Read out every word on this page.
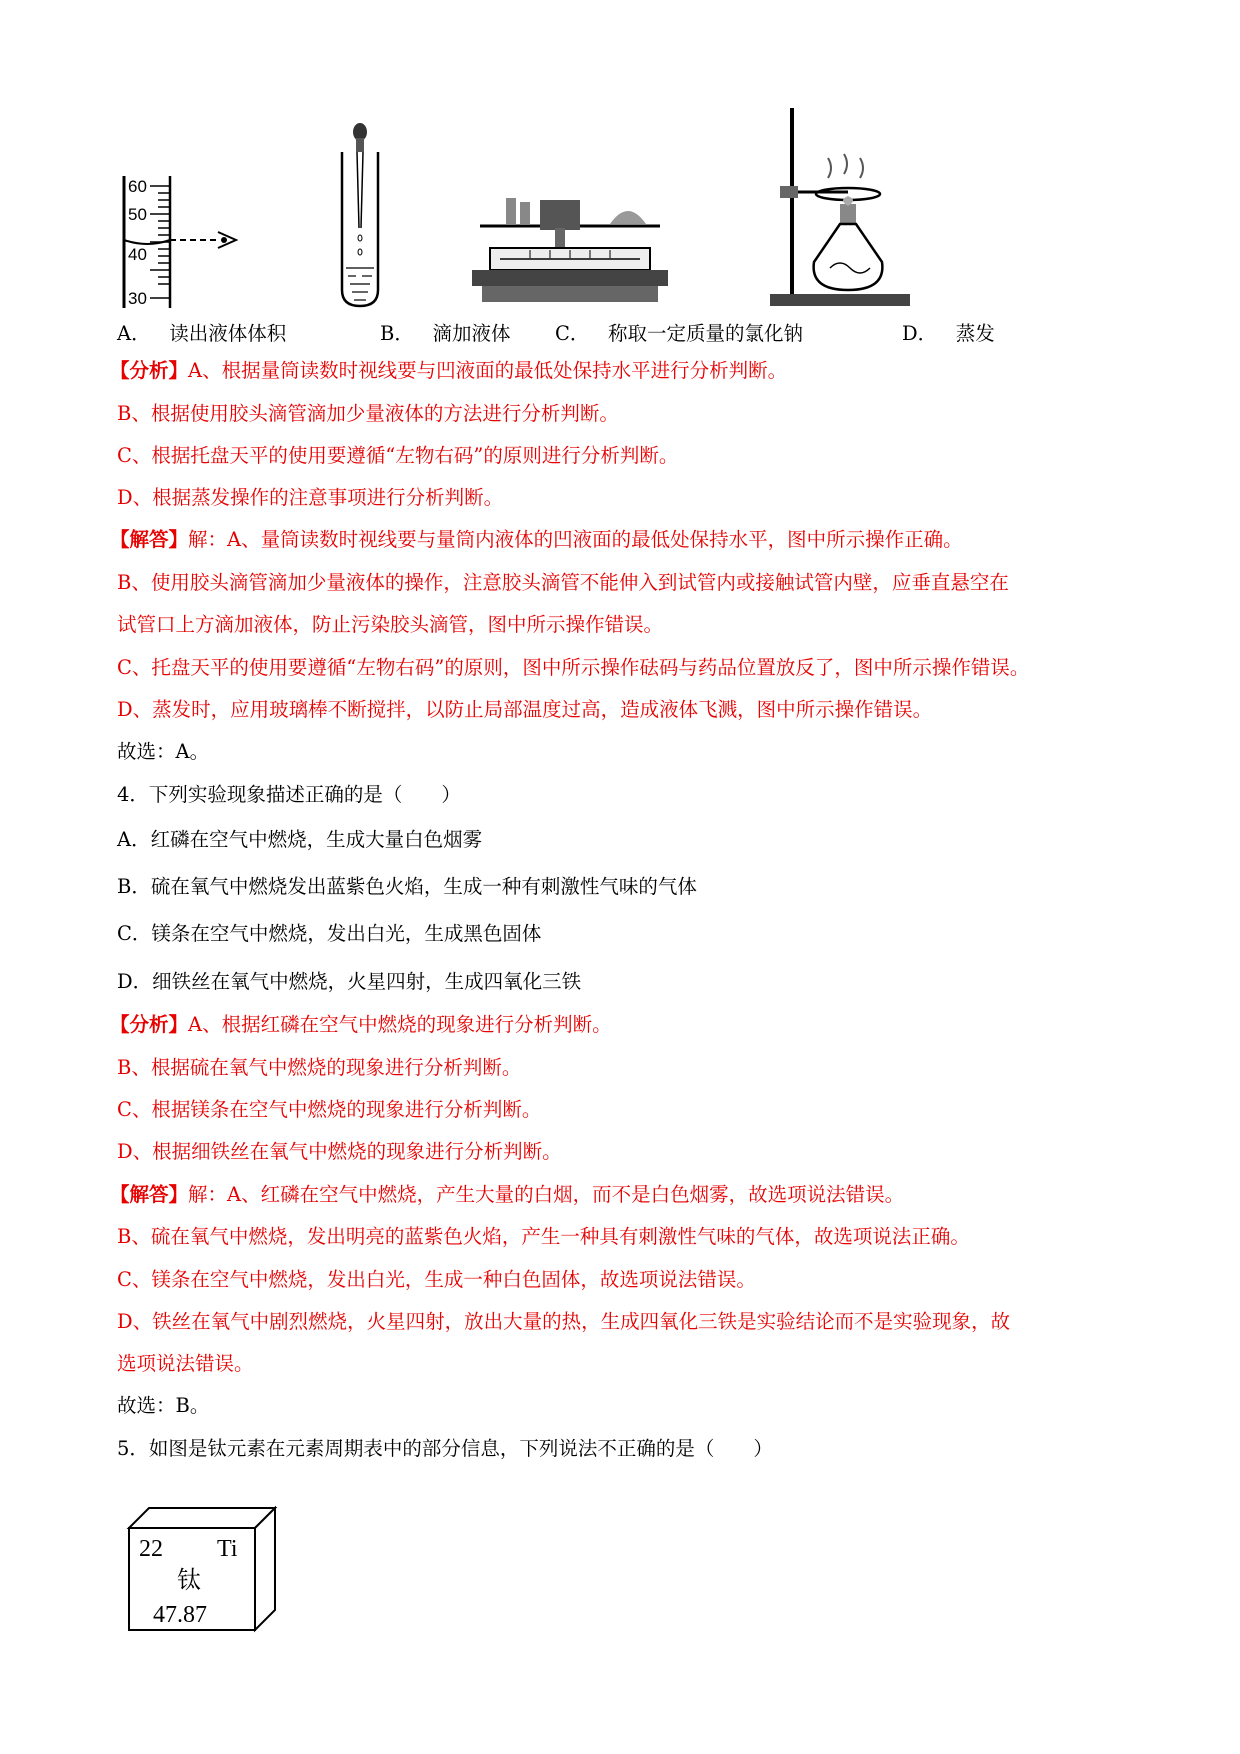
60
50
40
30
A． 读出液体体积	B． 滴加液体 C． 称取一定质量的氯化钠	D． 蒸发
【分析】A、根据量筒读数时视线要与凹液面的最低处保持水平进行分析判断。
B、根据使用胶头滴管滴加少量液体的方法进行分析判断。
C、根据托盘天平的使用要遵循“左物右码”的原则进行分析判断。
D、根据蒸发操作的注意事项进行分析判断。
【解答】解：A、量筒读数时视线要与量筒内液体的凹液面的最低处保持水平，图中所示操作正确。
B、使用胶头滴管滴加少量液体的操作，注意胶头滴管不能伸入到试管内或接触试管内壁，应垂直悬空在
试管口上方滴加液体，防止污染胶头滴管，图中所示操作错误。
C、托盘天平的使用要遵循“左物右码”的原则，图中所示操作砝码与药品位置放反了，图中所示操作错误。
D、蒸发时，应用玻璃棒不断搅拌，以防止局部温度过高，造成液体飞溅，图中所示操作错误。
故选：A。
4．下列实验现象描述正确的是（　　）
A．红磷在空气中燃烧，生成大量白色烟雾
B．硫在氧气中燃烧发出蓝紫色火焰，生成一种有刺激性气味的气体
C．镁条在空气中燃烧，发出白光，生成黑色固体
D．细铁丝在氧气中燃烧，火星四射，生成四氧化三铁
【分析】A、根据红磷在空气中燃烧的现象进行分析判断。
B、根据硫在氧气中燃烧的现象进行分析判断。
C、根据镁条在空气中燃烧的现象进行分析判断。
D、根据细铁丝在氧气中燃烧的现象进行分析判断。
【解答】解：A、红磷在空气中燃烧，产生大量的白烟，而不是白色烟雾，故选项说法错误。
B、硫在氧气中燃烧，发出明亮的蓝紫色火焰，产生一种具有刺激性气味的气体，故选项说法正确。
C、镁条在空气中燃烧，发出白光，生成一种白色固体，故选项说法错误。
D、铁丝在氧气中剧烈燃烧，火星四射，放出大量的热，生成四氧化三铁是实验结论而不是实验现象，故
选项说法错误。
故选：B。
5．如图是钛元素在元素周期表中的部分信息，下列说法不正确的是（　　）
22 Ti
钛
47.87
